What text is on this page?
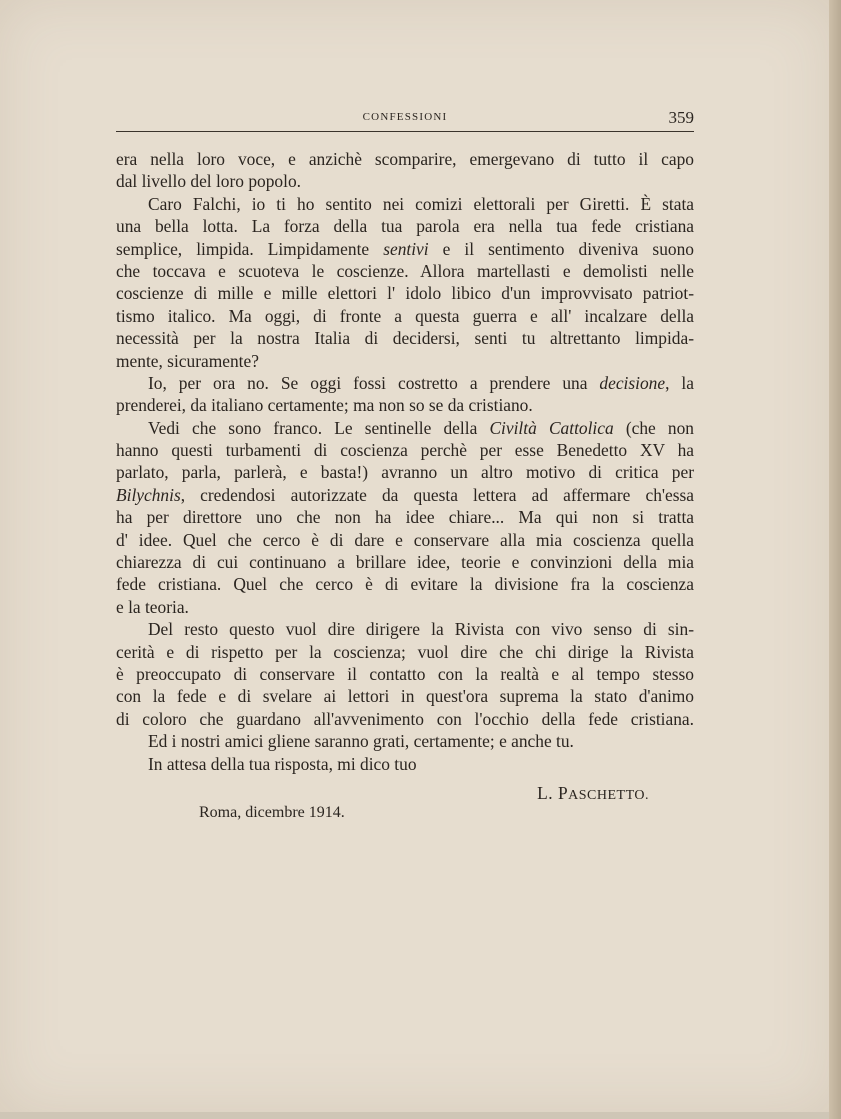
CONFESSIONI	359
era nella loro voce, e anzichè scomparire, emergevano di tutto il capo
dal livello del loro popolo.
Caro Falchi, io ti ho sentito nei comizi elettorali per Giretti. È stata
una bella lotta. La forza della tua parola era nella tua fede cristiana
semplice, limpida. Limpidamente sentivi e il sentimento diveniva suono
che toccava e scuoteva le coscienze. Allora martellasti e demolisti nelle
coscienze di mille e mille elettori l' idolo libico d'un improvvisato patriot-
tismo italico. Ma oggi, di fronte a questa guerra e all' incalzare della
necessità per la nostra Italia di decidersi, senti tu altrettanto limpida-
mente, sicuramente?
Io, per ora no. Se oggi fossi costretto a prendere una decisione, la
prenderei, da italiano certamente; ma non so se da cristiano.
Vedi che sono franco. Le sentinelle della Civiltà Cattolica (che non
hanno questi turbamenti di coscienza perchè per esse Benedetto XV ha
parlato, parla, parlerà, e basta!) avranno un altro motivo di critica per
Bilychnis, credendosi autorizzate da questa lettera ad affermare ch'essa
ha per direttore uno che non ha idee chiare... Ma qui non si tratta
d' idee. Quel che cerco è di dare e conservare alla mia coscienza quella
chiarezza di cui continuano a brillare idee, teorie e convinzioni della mia
fede cristiana. Quel che cerco è di evitare la divisione fra la coscienza
e la teoria.
Del resto questo vuol dire dirigere la Rivista con vivo senso di sin-
cerità e di rispetto per la coscienza; vuol dire che chi dirige la Rivista
è preoccupato di conservare il contatto con la realtà e al tempo stesso
con la fede e di svelare ai lettori in quest'ora suprema la stato d'animo
di coloro che guardano all'avvenimento con l'occhio della fede cristiana.
Ed i nostri amici gliene saranno grati, certamente; e anche tu.
In attesa della tua risposta, mi dico tuo
L. PASCHETTO.
Roma, dicembre 1914.
